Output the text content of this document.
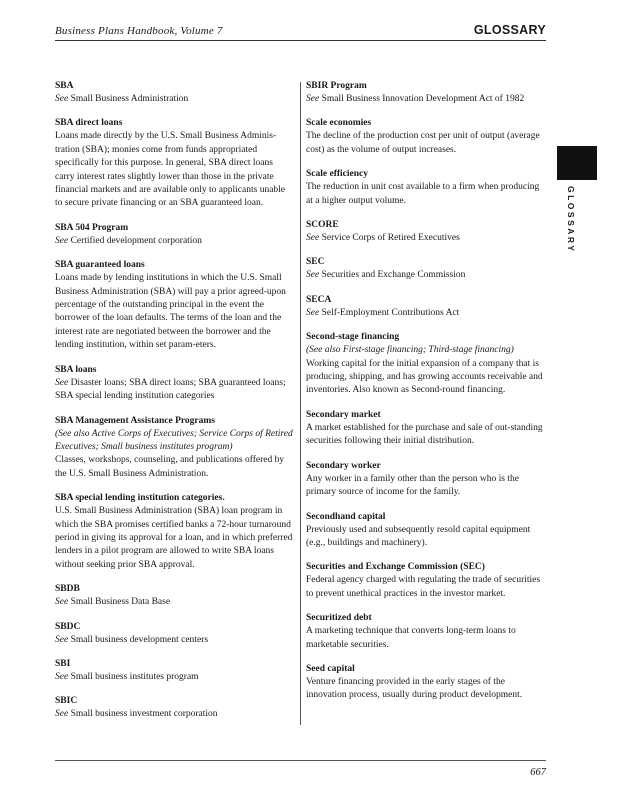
Business Plans Handbook, Volume 7	GLOSSARY
SBA
See Small Business Administration
SBA direct loans
Loans made directly by the U.S. Small Business Adminis-tration (SBA); monies come from funds appropriated specifically for this purpose. In general, SBA direct loans carry interest rates slightly lower than those in the private financial markets and are available only to applicants unable to secure private financing or an SBA guaranteed loan.
SBA 504 Program
See Certified development corporation
SBA guaranteed loans
Loans made by lending institutions in which the U.S. Small Business Administration (SBA) will pay a prior agreed-upon percentage of the outstanding principal in the event the borrower of the loan defaults. The terms of the loan and the interest rate are negotiated between the borrower and the lending institution, within set param-eters.
SBA loans
See Disaster loans; SBA direct loans; SBA guaranteed loans; SBA special lending institution categories
SBA Management Assistance Programs
(See also Active Corps of Executives; Service Corps of Retired Executives; Small business institutes program)
Classes, workshops, counseling, and publications offered by the U.S. Small Business Administration.
SBA special lending institution categories.
U.S. Small Business Administration (SBA) loan program in which the SBA promises certified banks a 72-hour turnaround period in giving its approval for a loan, and in which preferred lenders in a pilot program are allowed to write SBA loans without seeking prior SBA approval.
SBDB
See Small Business Data Base
SBDC
See Small business development centers
SBI
See Small business institutes program
SBIC
See Small business investment corporation
SBIR Program
See Small Business Innovation Development Act of 1982
Scale economies
The decline of the production cost per unit of output (average cost) as the volume of output increases.
Scale efficiency
The reduction in unit cost available to a firm when producing at a higher output volume.
SCORE
See Service Corps of Retired Executives
SEC
See Securities and Exchange Commission
SECA
See Self-Employment Contributions Act
Second-stage financing
(See also First-stage financing; Third-stage financing)
Working capital for the initial expansion of a company that is producing, shipping, and has growing accounts receivable and inventories. Also known as Second-round financing.
Secondary market
A market established for the purchase and sale of out-standing securities following their initial distribution.
Secondary worker
Any worker in a family other than the person who is the primary source of income for the family.
Secondhand capital
Previously used and subsequently resold capital equipment (e.g., buildings and machinery).
Securities and Exchange Commission (SEC)
Federal agency charged with regulating the trade of securities to prevent unethical practices in the investor market.
Securitized debt
A marketing technique that converts long-term loans to marketable securities.
Seed capital
Venture financing provided in the early stages of the innovation process, usually during product development.
GLOSSARY
667
